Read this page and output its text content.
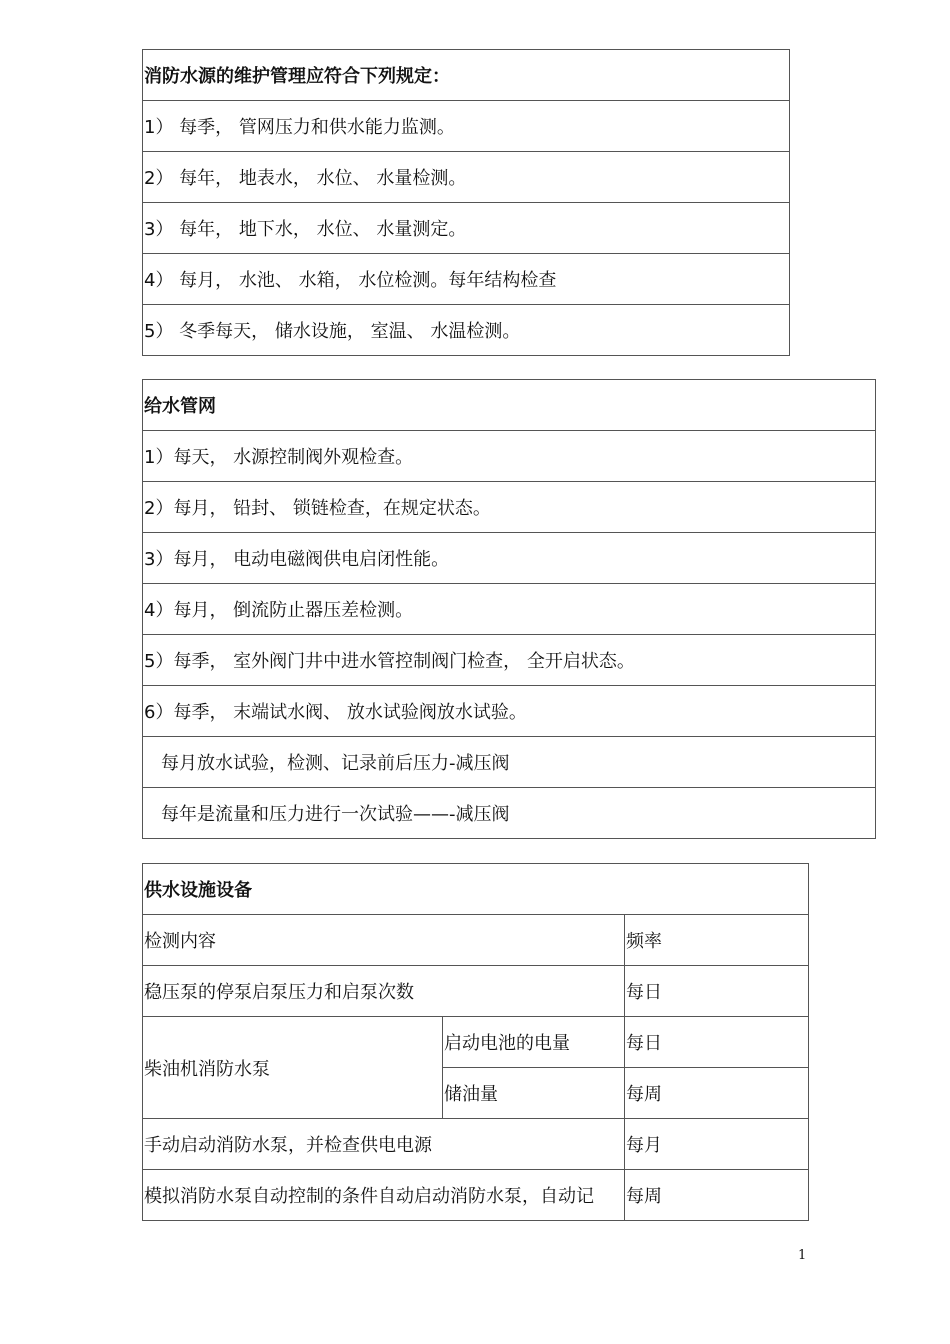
消防水源的维护管理应符合下列规定：
1） 每季， 管网压力和供水能力监测。
2） 每年， 地表水， 水位、 水量检测。
3） 每年， 地下水， 水位、 水量测定。
4） 每月， 水池、 水箱， 水位检测。每年结构检查
5） 冬季每天， 储水设施， 室温、 水温检测。
给水管网
1）每天， 水源控制阀外观检查。
2）每月， 铅封、 锁链检查，在规定状态。
3）每月， 电动电磁阀供电启闭性能。
4）每月， 倒流防止器压差检测。
5）每季， 室外阀门井中进水管控制阀门检查， 全开启状态。
6）每季， 末端试水阀、 放水试验阀放水试验。
每月放水试验，检测、记录前后压力-减压阀
每年是流量和压力进行一次试验——-减压阀
供水设施设备		
检测内容		频率
稳压泵的停泵启泵压力和启泵次数		每日
柴油机消防水泵	启动电池的电量	每日
	储油量	每周
手动启动消防水泵，并检查供电电源		每月
模拟消防水泵自动控制的条件自动启动消防水泵，自动记		每周
1
